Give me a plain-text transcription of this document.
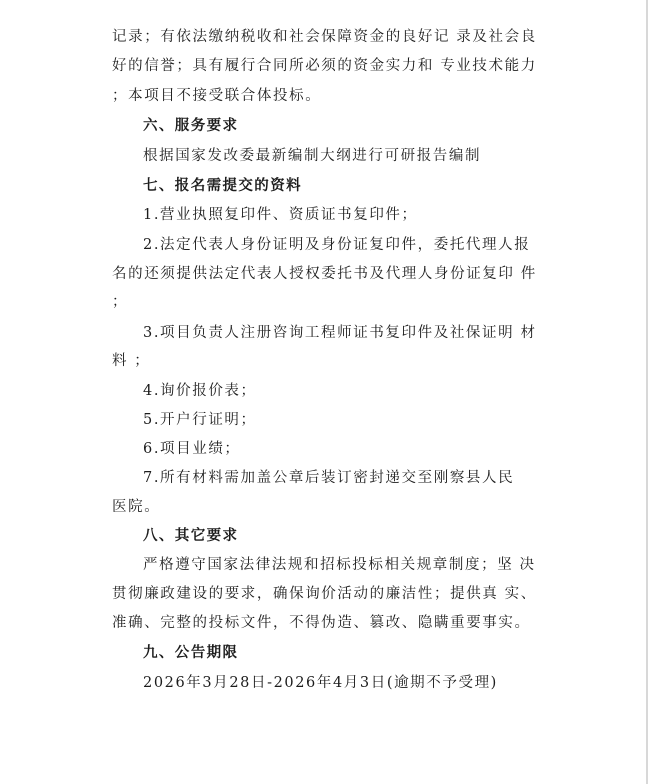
记录；有依法缴纳税收和社会保障资金的良好记 录及社会良
好的信誉；具有履行合同所必须的资金实力和 专业技术能力
；本项目不接受联合体投标。
六、服务要求
根据国家发改委最新编制大纲进行可研报告编制
七、报名需提交的资料
1.营业执照复印件、资质证书复印件；
2.法定代表人身份证明及身份证复印件，委托代理人报
名的还须提供法定代表人授权委托书及代理人身份证复印 件
；
3.项目负责人注册咨询工程师证书复印件及社保证明 材
料 ；
4.询价报价表；
5.开户行证明；
6.项目业绩；
7.所有材料需加盖公章后装订密封递交至刚察县人民
医院。
八、其它要求
严格遵守国家法律法规和招标投标相关规章制度；坚 决
贯彻廉政建设的要求，确保询价活动的廉洁性；提供真 实、
准确、完整的投标文件，不得伪造、篡改、隐瞒重要事实。
九、公告期限
2026年3月28日-2026年4月3日(逾期不予受理)
